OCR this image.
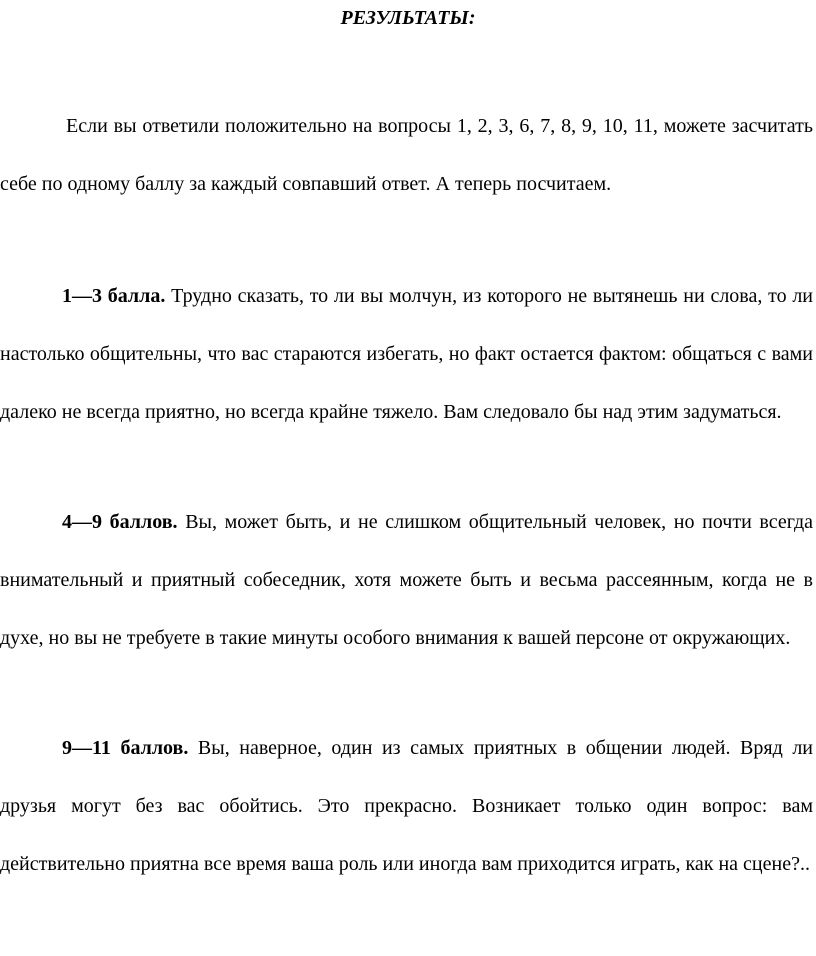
РЕЗУЛЬТАТЫ:

Если вы ответили положительно на вопросы 1, 2, 3, 6, 7, 8, 9, 10, 11, можете засчитать себе по одному баллу за каждый совпавший ответ. А теперь посчитаем.

1—3 балла. Трудно сказать, то ли вы молчун, из которого не вытянешь ни слова, то ли настолько общительны, что вас стараются избегать, но факт остается фактом: общаться с вами далеко не всегда приятно, но всегда крайне тяжело. Вам следовало бы над этим задуматься.

4—9 баллов. Вы, может быть, и не слишком общительный человек, но почти всегда внимательный и приятный собеседник, хотя можете быть и весьма рассеянным, когда не в духе, но вы не требуете в такие минуты особого внимания к вашей персоне от окружающих.

9—11 баллов. Вы, наверное, один из самых приятных в общении людей. Вряд ли друзья могут без вас обойтись. Это прекрасно. Возникает только один вопрос: вам действительно приятна все время ваша роль или иногда вам приходится играть, как на сцене?..
